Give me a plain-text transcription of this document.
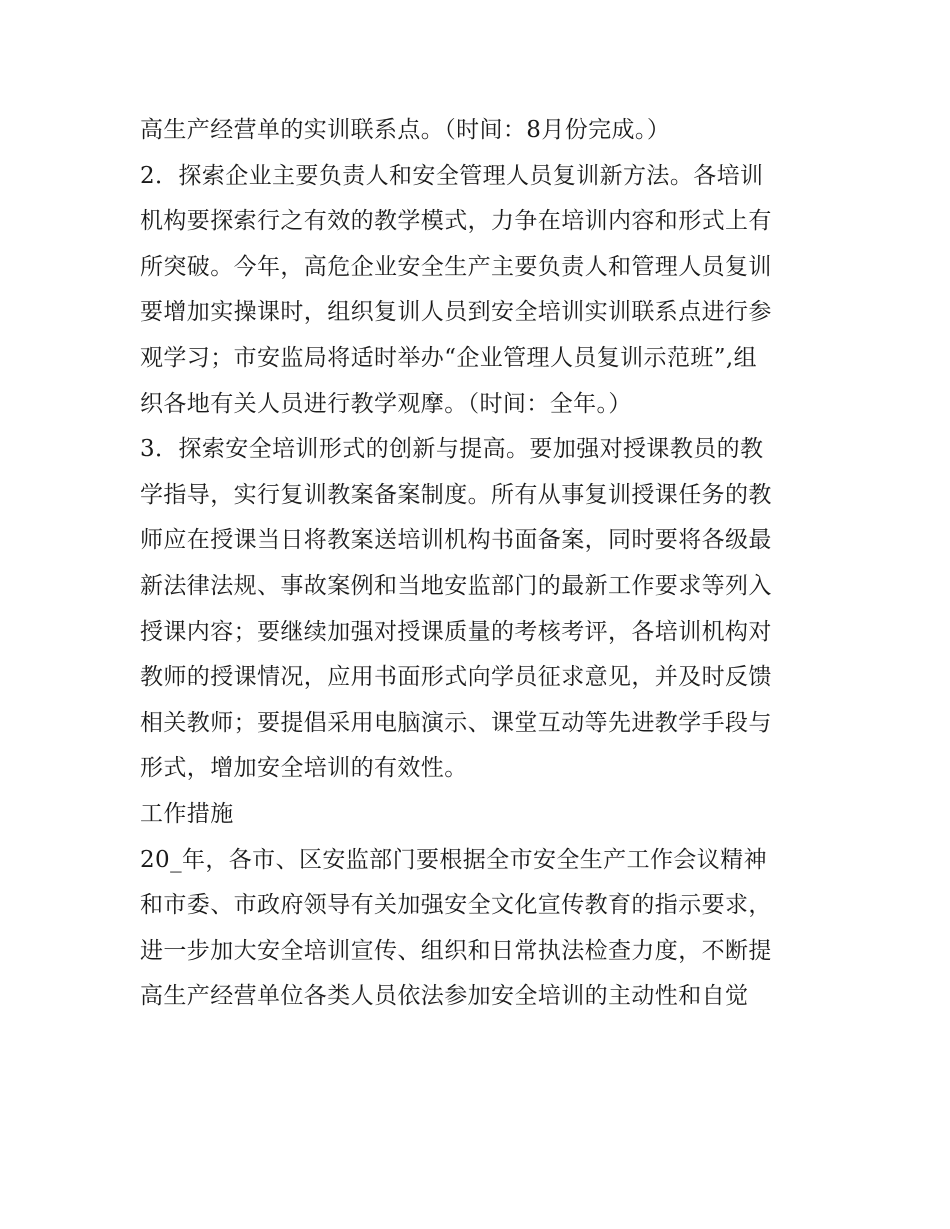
高生产经营单的实训联系点。（时间：8月份完成。）
2．探索企业主要负责人和安全管理人员复训新方法。各培训
机构要探索行之有效的教学模式，力争在培训内容和形式上有
所突破。今年，高危企业安全生产主要负责人和管理人员复训
要增加实操课时，组织复训人员到安全培训实训联系点进行参
观学习；市安监局将适时举办“企业管理人员复训示范班”,组
织各地有关人员进行教学观摩。（时间：全年。）
3．探索安全培训形式的创新与提高。要加强对授课教员的教
学指导，实行复训教案备案制度。所有从事复训授课任务的教
师应在授课当日将教案送培训机构书面备案，同时要将各级最
新法律法规、事故案例和当地安监部门的最新工作要求等列入
授课内容；要继续加强对授课质量的考核考评，各培训机构对
教师的授课情况，应用书面形式向学员征求意见，并及时反馈
相关教师；要提倡采用电脑演示、课堂互动等先进教学手段与
形式，增加安全培训的有效性。
工作措施
20_年，各市、区安监部门要根据全市安全生产工作会议精神
和市委、市政府领导有关加强安全文化宣传教育的指示要求，
进一步加大安全培训宣传、组织和日常执法检查力度，不断提
高生产经营单位各类人员依法参加安全培训的主动性和自觉
